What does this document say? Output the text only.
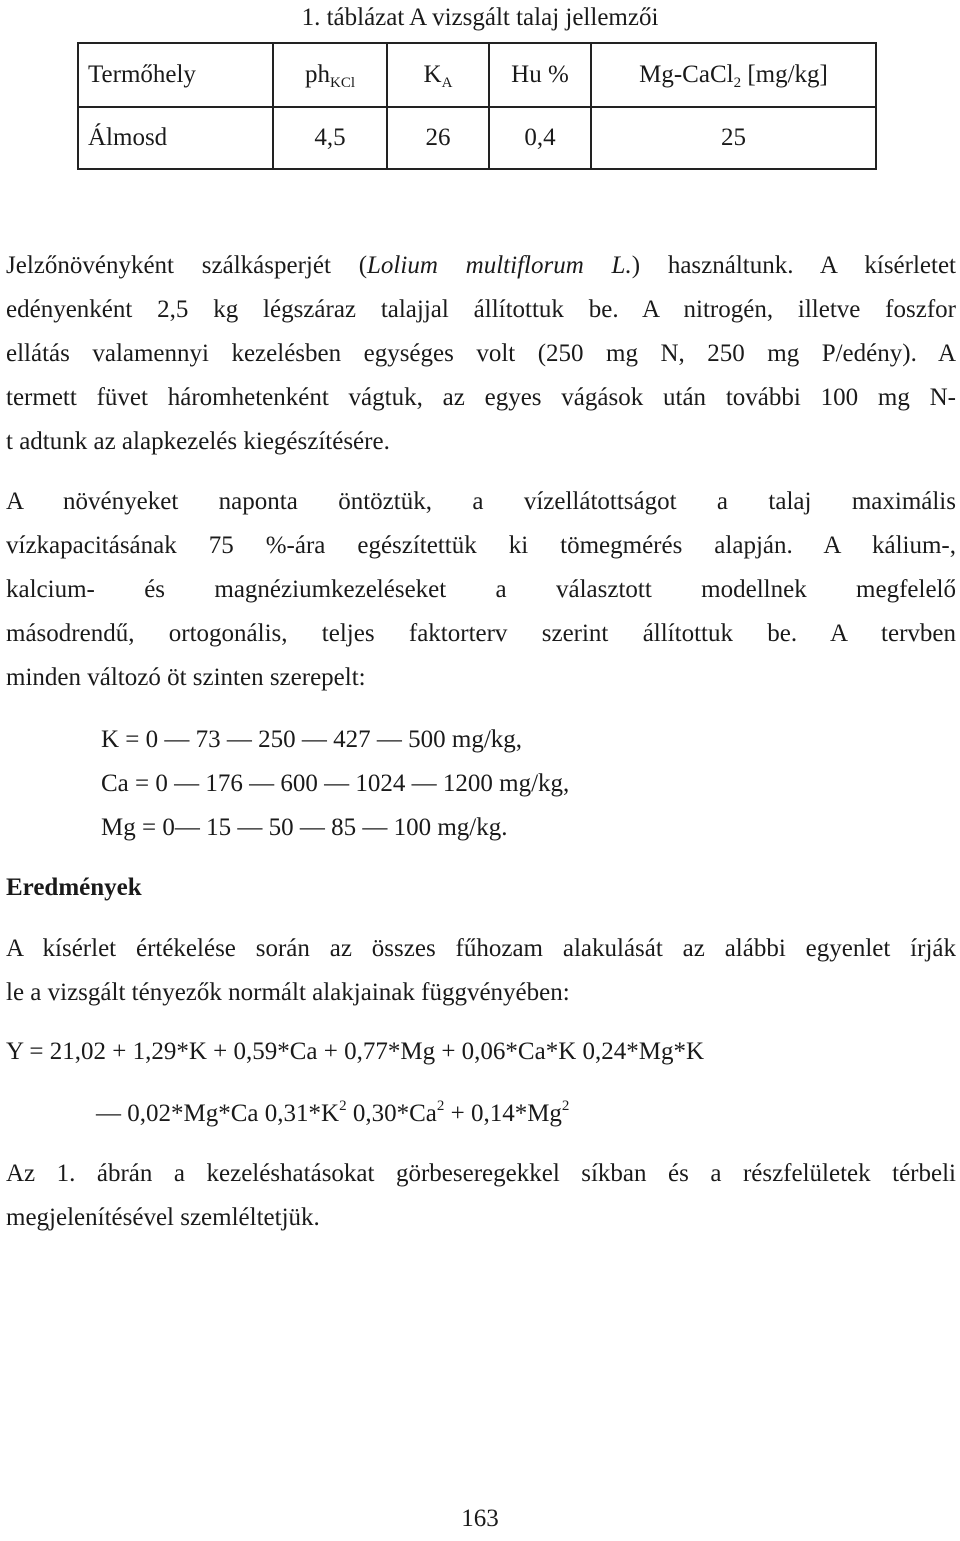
1. táblázat A vizsgált talaj jellemzői
Termőhely	$ph_{KCl}$	$K_A$	Hu %	Mg-CaCl$_2$ [mg/kg]
Álmosd	4,5	26	0,4	25
Jelzőnövényként szálkásperjét (Lolium multiflorum L.) használtunk. A kísérletet
edényenként 2,5 kg légszáraz talajjal állítottuk be. A nitrogén, illetve foszfor
ellátás valamennyi kezelésben egységes volt (250 mg N, 250 mg P/edény). A
termett füvet háromhetenként vágtuk, az egyes vágások után további 100 mg N-
t adtunk az alapkezelés kiegészítésére.
A növényeket naponta öntöztük, a vízellátottságot a talaj maximális
vízkapacitásának 75 %-ára egészítettük ki tömegmérés alapján. A kálium-,
kalcium- és magnéziumkezeléseket a választott modellnek megfelelő
másodrendű, ortogonális, teljes faktorterv szerint állítottuk be. A tervben
minden változó öt szinten szerepelt:
K = 0 — 73 — 250 — 427 — 500 mg/kg,
Ca = 0 — 176 — 600 — 1024 — 1200 mg/kg,
Mg = 0— 15 — 50 — 85 — 100 mg/kg.
Eredmények
A kísérlet értékelése során az összes fűhozam alakulását az alábbi egyenlet írják
le a vizsgált tényezők normált alakjainak függvényében:
Y = 21,02 + 1,29*K + 0,59*Ca + 0,77*Mg + 0,06*Ca*K 0,24*Mg*K
— 0,02*Mg*Ca $0,31*K^2$ $0,30*Ca^2 + 0,14*Mg^2$
Az 1. ábrán a kezeléshatásokat görbeseregekkel síkban és a részfelületek térbeli
megjelenítésével szemléltetjük.
163
